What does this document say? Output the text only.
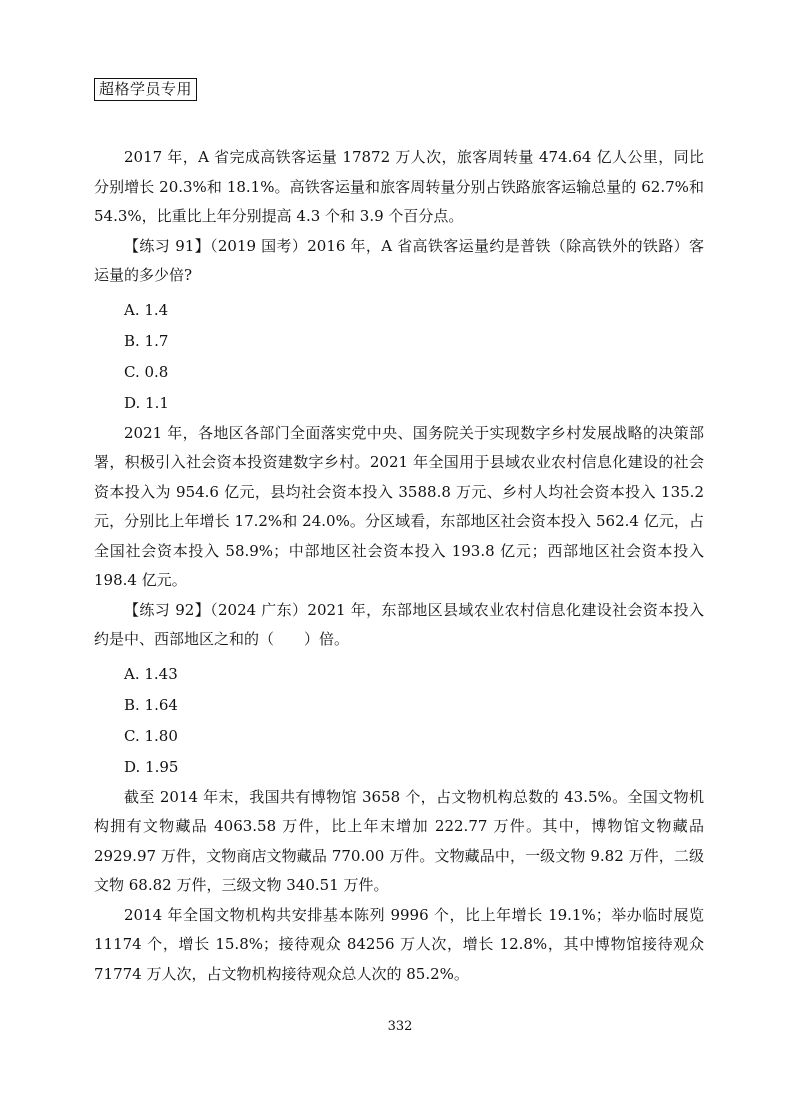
超格学员专用

2017 年，A 省完成高铁客运量 17872 万人次，旅客周转量 474.64 亿人公里，同比分别增长 20.3%和 18.1%。高铁客运量和旅客周转量分别占铁路旅客运输总量的 62.7%和 54.3%，比重比上年分别提高 4.3 个和 3.9 个百分点。

【练习 91】（2019 国考）2016 年，A 省高铁客运量约是普铁（除高铁外的铁路）客运量的多少倍?

A. 1.4

B. 1.7

C. 0.8

D. 1.1

2021 年，各地区各部门全面落实党中央、国务院关于实现数字乡村发展战略的决策部署，积极引入社会资本投资建数字乡村。2021 年全国用于县域农业农村信息化建设的社会资本投入为 954.6 亿元，县均社会资本投入 3588.8 万元、乡村人均社会资本投入 135.2 元，分别比上年增长 17.2%和 24.0%。分区域看，东部地区社会资本投入 562.4 亿元，占全国社会资本投入 58.9%；中部地区社会资本投入 193.8 亿元；西部地区社会资本投入 198.4 亿元。

【练习 92】（2024 广东）2021 年，东部地区县域农业农村信息化建设社会资本投入约是中、西部地区之和的（　　）倍。

A. 1.43

B. 1.64

C. 1.80

D. 1.95

截至 2014 年末，我国共有博物馆 3658 个，占文物机构总数的 43.5%。全国文物机构拥有文物藏品 4063.58 万件，比上年末增加 222.77 万件。其中，博物馆文物藏品 2929.97 万件，文物商店文物藏品 770.00 万件。文物藏品中，一级文物 9.82 万件，二级文物 68.82 万件，三级文物 340.51 万件。

2014 年全国文物机构共安排基本陈列 9996 个，比上年增长 19.1%；举办临时展览 11174 个，增长 15.8%；接待观众 84256 万人次，增长 12.8%，其中博物馆接待观众 71774 万人次，占文物机构接待观众总人次的 85.2%。

332
